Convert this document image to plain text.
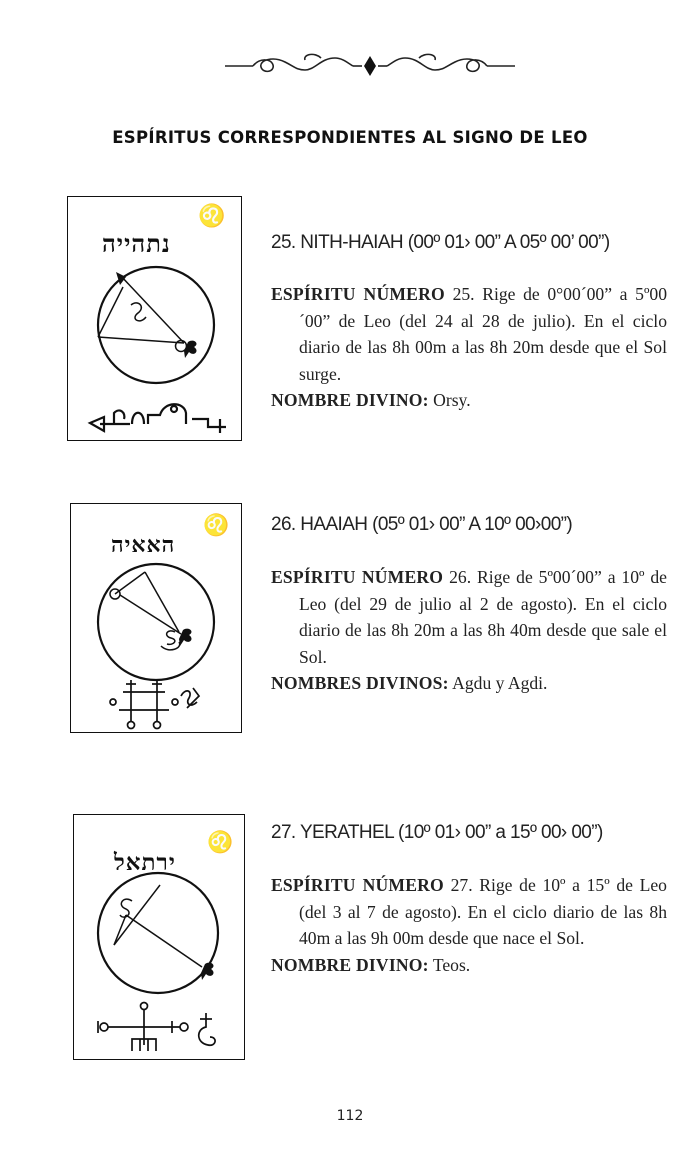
ESPÍRITUS CORRESPONDIENTES AL SIGNO DE LEO
נתהייה
♌
25. NITH-HAIAH (00º 01› 00” A 05º 00’ 00”)

ESPÍRITU NÚMERO 25. Rige de 0°00´00” a 5º00´00” de Leo (del 24 al 28 de julio). En el ciclo diario de las 8h 00m a las 8h 20m desde que el Sol surge.

NOMBRE DIVINO: Orsy.

האאיה
♌ 26. HAAIAH (05º 01› 00” A 10º 00›00”)

ESPÍRITU NÚMERO 26. Rige de 5º00´00” a 10º de Leo (del 29 de julio al 2 de agosto). En el ciclo diario de las 8h 20m a las 8h 40m desde que sale el Sol.

NOMBRES DIVINOS: Agdu y Agdi.

ירתאל
♌ 27. YERATHEL (10º 01› 00” a 15º 00› 00”)

ESPÍRITU NÚMERO 27. Rige de 10º a 15º de Leo (del 3 al 7 de agosto). En el ciclo diario de las 8h 40m a las 9h 00m desde que nace el Sol.

NOMBRE DIVINO: Teos.

112
